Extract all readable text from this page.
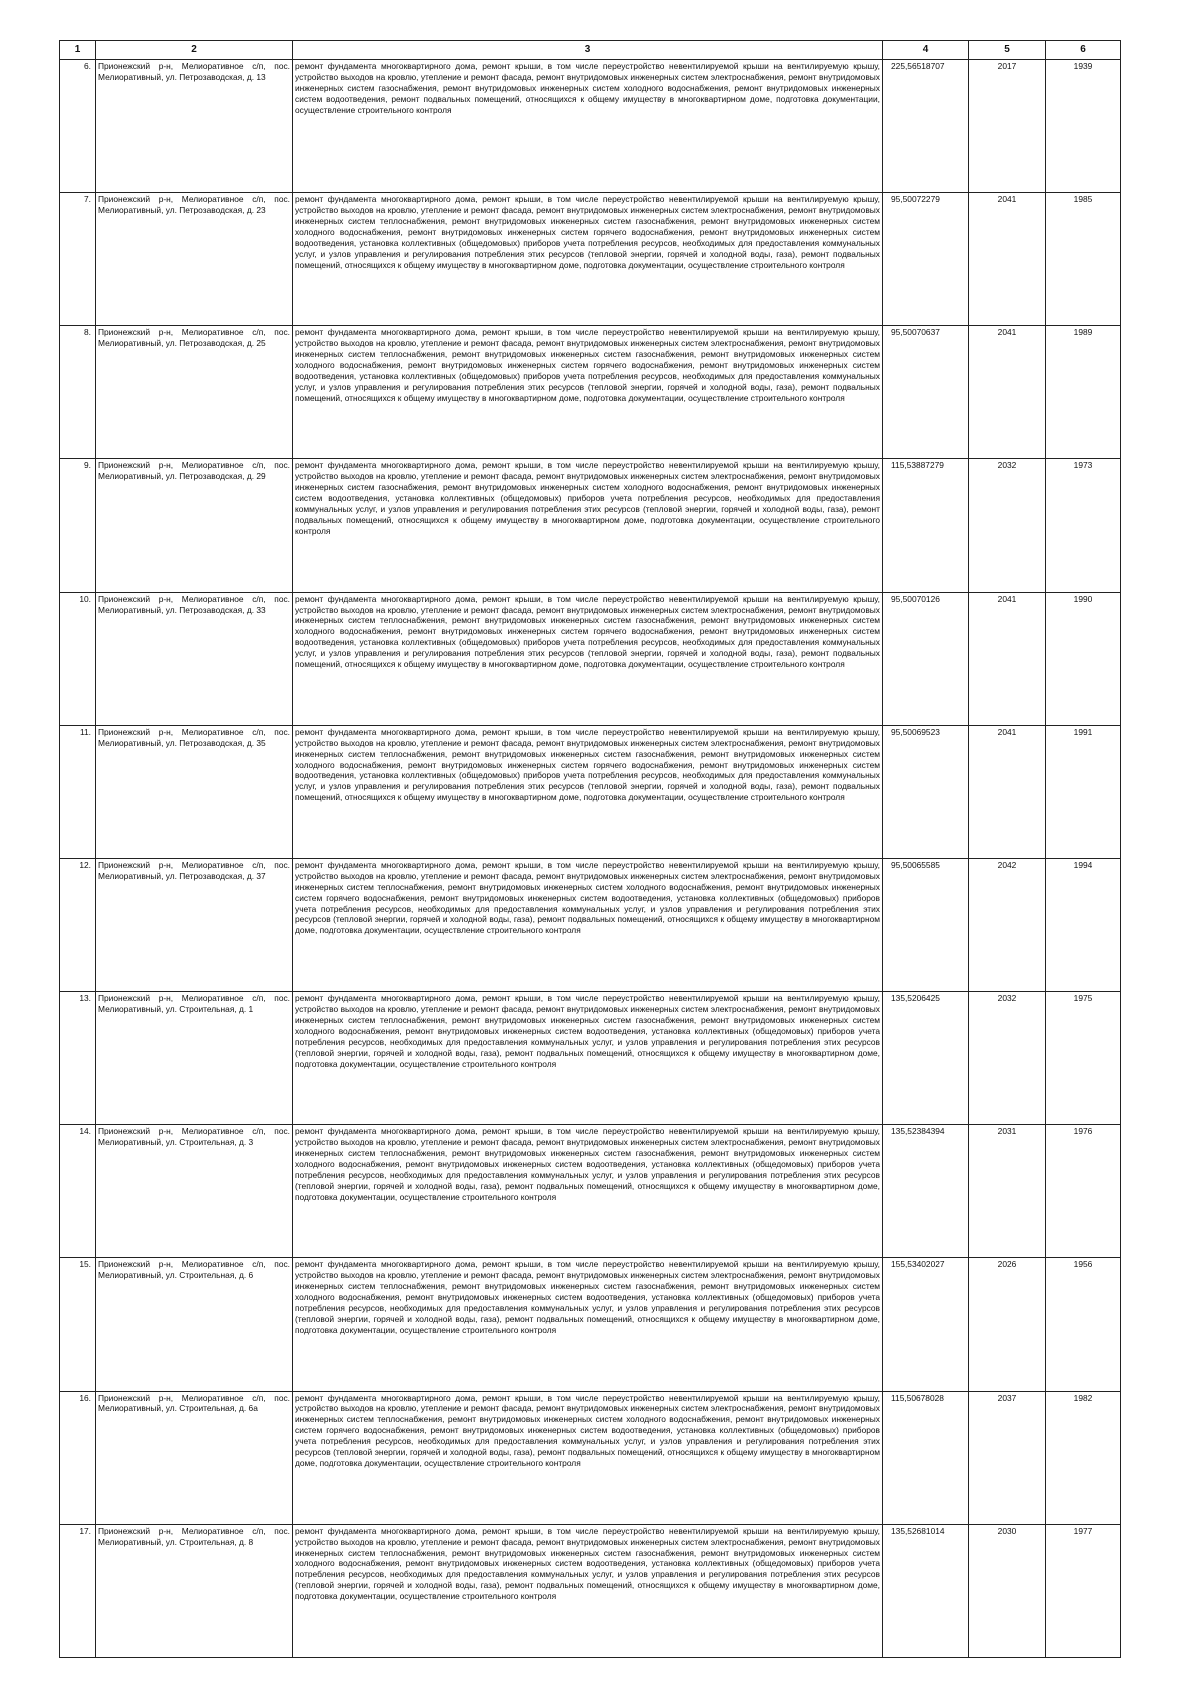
1	2	3	4	5	6
6.	Прионежский р-н, Мелиоративное с/п, пос. Мелиоративный, ул. Петрозаводская, д. 13	ремонт фундамента многоквартирного дома, ремонт крыши, в том числе переустройство невентилируемой крыши на вентилируемую крышу, устройство выходов на кровлю, утепление и ремонт фасада, ремонт внутридомовых инженерных систем электроснабжения, ремонт внутридомовых инженерных систем газоснабжения, ремонт внутридомовых инженерных систем холодного водоснабжения, ремонт внутридомовых инженерных систем водоотведения, ремонт подвальных помещений, относящихся к общему имуществу в многоквартирном доме, подготовка документации, осуществление строительного контроля	225,56518707	2017	1939
7.	Прионежский р-н, Мелиоративное с/п, пос. Мелиоративный, ул. Петрозаводская, д. 23	ремонт фундамента многоквартирного дома, ремонт крыши, в том числе переустройство невентилируемой крыши на вентилируемую крышу, устройство выходов на кровлю, утепление и ремонт фасада, ремонт внутридомовых инженерных систем электроснабжения, ремонт внутридомовых инженерных систем теплоснабжения, ремонт внутридомовых инженерных систем газоснабжения, ремонт внутридомовых инженерных систем холодного водоснабжения, ремонт внутридомовых инженерных систем горячего водоснабжения, ремонт внутридомовых инженерных систем водоотведения, установка коллективных (общедомовых) приборов учета потребления ресурсов, необходимых для предоставления коммунальных услуг, и узлов управления и регулирования потребления этих ресурсов (тепловой энергии, горячей и холодной воды, газа), ремонт подвальных помещений, относящихся к общему имуществу в многоквартирном доме, подготовка документации, осуществление строительного контроля	95,50072279	2041	1985
8.	Прионежский р-н, Мелиоративное с/п, пос. Мелиоративный, ул. Петрозаводская, д. 25	ремонт фундамента многоквартирного дома, ремонт крыши, в том числе переустройство невентилируемой крыши на вентилируемую крышу, устройство выходов на кровлю, утепление и ремонт фасада, ремонт внутридомовых инженерных систем электроснабжения, ремонт внутридомовых инженерных систем теплоснабжения, ремонт внутридомовых инженерных систем газоснабжения, ремонт внутридомовых инженерных систем холодного водоснабжения, ремонт внутридомовых инженерных систем горячего водоснабжения, ремонт внутридомовых инженерных систем водоотведения, установка коллективных (общедомовых) приборов учета потребления ресурсов, необходимых для предоставления коммунальных услуг, и узлов управления и регулирования потребления этих ресурсов (тепловой энергии, горячей и холодной воды, газа), ремонт подвальных помещений, относящихся к общему имуществу в многоквартирном доме, подготовка документации, осуществление строительного контроля	95,50070637	2041	1989
9.	Прионежский р-н, Мелиоративное с/п, пос. Мелиоративный, ул. Петрозаводская, д. 29	ремонт фундамента многоквартирного дома, ремонт крыши, в том числе переустройство невентилируемой крыши на вентилируемую крышу, устройство выходов на кровлю, утепление и ремонт фасада, ремонт внутридомовых инженерных систем электроснабжения, ремонт внутридомовых инженерных систем газоснабжения, ремонт внутридомовых инженерных систем холодного водоснабжения, ремонт внутридомовых инженерных систем водоотведения, установка коллективных (общедомовых) приборов учета потребления ресурсов, необходимых для предоставления коммунальных услуг, и узлов управления и регулирования потребления этих ресурсов (тепловой энергии, горячей и холодной воды, газа), ремонт подвальных помещений, относящихся к общему имуществу в многоквартирном доме, подготовка документации, осуществление строительного контроля	115,53887279	2032	1973
10.	Прионежский р-н, Мелиоративное с/п, пос. Мелиоративный, ул. Петрозаводская, д. 33	ремонт фундамента многоквартирного дома, ремонт крыши, в том числе переустройство невентилируемой крыши на вентилируемую крышу, устройство выходов на кровлю, утепление и ремонт фасада, ремонт внутридомовых инженерных систем электроснабжения, ремонт внутридомовых инженерных систем теплоснабжения, ремонт внутридомовых инженерных систем газоснабжения, ремонт внутридомовых инженерных систем холодного водоснабжения, ремонт внутридомовых инженерных систем горячего водоснабжения, ремонт внутридомовых инженерных систем водоотведения, установка коллективных (общедомовых) приборов учета потребления ресурсов, необходимых для предоставления коммунальных услуг, и узлов управления и регулирования потребления этих ресурсов (тепловой энергии, горячей и холодной воды, газа), ремонт подвальных помещений, относящихся к общему имуществу в многоквартирном доме, подготовка документации, осуществление строительного контроля	95,50070126	2041	1990
11.	Прионежский р-н, Мелиоративное с/п, пос. Мелиоративный, ул. Петрозаводская, д. 35	ремонт фундамента многоквартирного дома, ремонт крыши, в том числе переустройство невентилируемой крыши на вентилируемую крышу, устройство выходов на кровлю, утепление и ремонт фасада, ремонт внутридомовых инженерных систем электроснабжения, ремонт внутридомовых инженерных систем теплоснабжения, ремонт внутридомовых инженерных систем газоснабжения, ремонт внутридомовых инженерных систем холодного водоснабжения, ремонт внутридомовых инженерных систем горячего водоснабжения, ремонт внутридомовых инженерных систем водоотведения, установка коллективных (общедомовых) приборов учета потребления ресурсов, необходимых для предоставления коммунальных услуг, и узлов управления и регулирования потребления этих ресурсов (тепловой энергии, горячей и холодной воды, газа), ремонт подвальных помещений, относящихся к общему имуществу в многоквартирном доме, подготовка документации, осуществление строительного контроля	95,50069523	2041	1991
12.	Прионежский р-н, Мелиоративное с/п, пос. Мелиоративный, ул. Петрозаводская, д. 37	ремонт фундамента многоквартирного дома, ремонт крыши, в том числе переустройство невентилируемой крыши на вентилируемую крышу, устройство выходов на кровлю, утепление и ремонт фасада, ремонт внутридомовых инженерных систем электроснабжения, ремонт внутридомовых инженерных систем теплоснабжения, ремонт внутридомовых инженерных систем холодного водоснабжения, ремонт внутридомовых инженерных систем горячего водоснабжения, ремонт внутридомовых инженерных систем водоотведения, установка коллективных (общедомовых) приборов учета потребления ресурсов, необходимых для предоставления коммунальных услуг, и узлов управления и регулирования потребления этих ресурсов (тепловой энергии, горячей и холодной воды, газа), ремонт подвальных помещений, относящихся к общему имуществу в многоквартирном доме, подготовка документации, осуществление строительного контроля	95,50065585	2042	1994
13.	Прионежский р-н, Мелиоративное с/п, пос. Мелиоративный, ул. Строительная, д. 1	ремонт фундамента многоквартирного дома, ремонт крыши, в том числе переустройство невентилируемой крыши на вентилируемую крышу, устройство выходов на кровлю, утепление и ремонт фасада, ремонт внутридомовых инженерных систем электроснабжения, ремонт внутридомовых инженерных систем теплоснабжения, ремонт внутридомовых инженерных систем газоснабжения, ремонт внутридомовых инженерных систем холодного водоснабжения, ремонт внутридомовых инженерных систем водоотведения, установка коллективных (общедомовых) приборов учета потребления ресурсов, необходимых для предоставления коммунальных услуг, и узлов управления и регулирования потребления этих ресурсов (тепловой энергии, горячей и холодной воды, газа), ремонт подвальных помещений, относящихся к общему имуществу в многоквартирном доме, подготовка документации, осуществление строительного контроля	135,5206425	2032	1975
14.	Прионежский р-н, Мелиоративное с/п, пос. Мелиоративный, ул. Строительная, д. 3	ремонт фундамента многоквартирного дома, ремонт крыши, в том числе переустройство невентилируемой крыши на вентилируемую крышу, устройство выходов на кровлю, утепление и ремонт фасада, ремонт внутридомовых инженерных систем электроснабжения, ремонт внутридомовых инженерных систем теплоснабжения, ремонт внутридомовых инженерных систем газоснабжения, ремонт внутридомовых инженерных систем холодного водоснабжения, ремонт внутридомовых инженерных систем водоотведения, установка коллективных (общедомовых) приборов учета потребления ресурсов, необходимых для предоставления коммунальных услуг, и узлов управления и регулирования потребления этих ресурсов (тепловой энергии, горячей и холодной воды, газа), ремонт подвальных помещений, относящихся к общему имуществу в многоквартирном доме, подготовка документации, осуществление строительного контроля	135,52384394	2031	1976
15.	Прионежский р-н, Мелиоративное с/п, пос. Мелиоративный, ул. Строительная, д. 6	ремонт фундамента многоквартирного дома, ремонт крыши, в том числе переустройство невентилируемой крыши на вентилируемую крышу, устройство выходов на кровлю, утепление и ремонт фасада, ремонт внутридомовых инженерных систем электроснабжения, ремонт внутридомовых инженерных систем теплоснабжения, ремонт внутридомовых инженерных систем газоснабжения, ремонт внутридомовых инженерных систем холодного водоснабжения, ремонт внутридомовых инженерных систем водоотведения, установка коллективных (общедомовых) приборов учета потребления ресурсов, необходимых для предоставления коммунальных услуг, и узлов управления и регулирования потребления этих ресурсов (тепловой энергии, горячей и холодной воды, газа), ремонт подвальных помещений, относящихся к общему имуществу в многоквартирном доме, подготовка документации, осуществление строительного контроля	155,53402027	2026	1956
16.	Прионежский р-н, Мелиоративное с/п, пос. Мелиоративный, ул. Строительная, д. 6а	ремонт фундамента многоквартирного дома, ремонт крыши, в том числе переустройство невентилируемой крыши на вентилируемую крышу, устройство выходов на кровлю, утепление и ремонт фасада, ремонт внутридомовых инженерных систем электроснабжения, ремонт внутридомовых инженерных систем теплоснабжения, ремонт внутридомовых инженерных систем холодного водоснабжения, ремонт внутридомовых инженерных систем горячего водоснабжения, ремонт внутридомовых инженерных систем водоотведения, установка коллективных (общедомовых) приборов учета потребления ресурсов, необходимых для предоставления коммунальных услуг, и узлов управления и регулирования потребления этих ресурсов (тепловой энергии, горячей и холодной воды, газа), ремонт подвальных помещений, относящихся к общему имуществу в многоквартирном доме, подготовка документации, осуществление строительного контроля	115,50678028	2037	1982
17.	Прионежский р-н, Мелиоративное с/п, пос. Мелиоративный, ул. Строительная, д. 8	ремонт фундамента многоквартирного дома, ремонт крыши, в том числе переустройство невентилируемой крыши на вентилируемую крышу, устройство выходов на кровлю, утепление и ремонт фасада, ремонт внутридомовых инженерных систем электроснабжения, ремонт внутридомовых инженерных систем теплоснабжения, ремонт внутридомовых инженерных систем газоснабжения, ремонт внутридомовых инженерных систем холодного водоснабжения, ремонт внутридомовых инженерных систем водоотведения, установка коллективных (общедомовых) приборов учета потребления ресурсов, необходимых для предоставления коммунальных услуг, и узлов управления и регулирования потребления этих ресурсов (тепловой энергии, горячей и холодной воды, газа), ремонт подвальных помещений, относящихся к общему имуществу в многоквартирном доме, подготовка документации, осуществление строительного контроля	135,52681014	2030	1977
